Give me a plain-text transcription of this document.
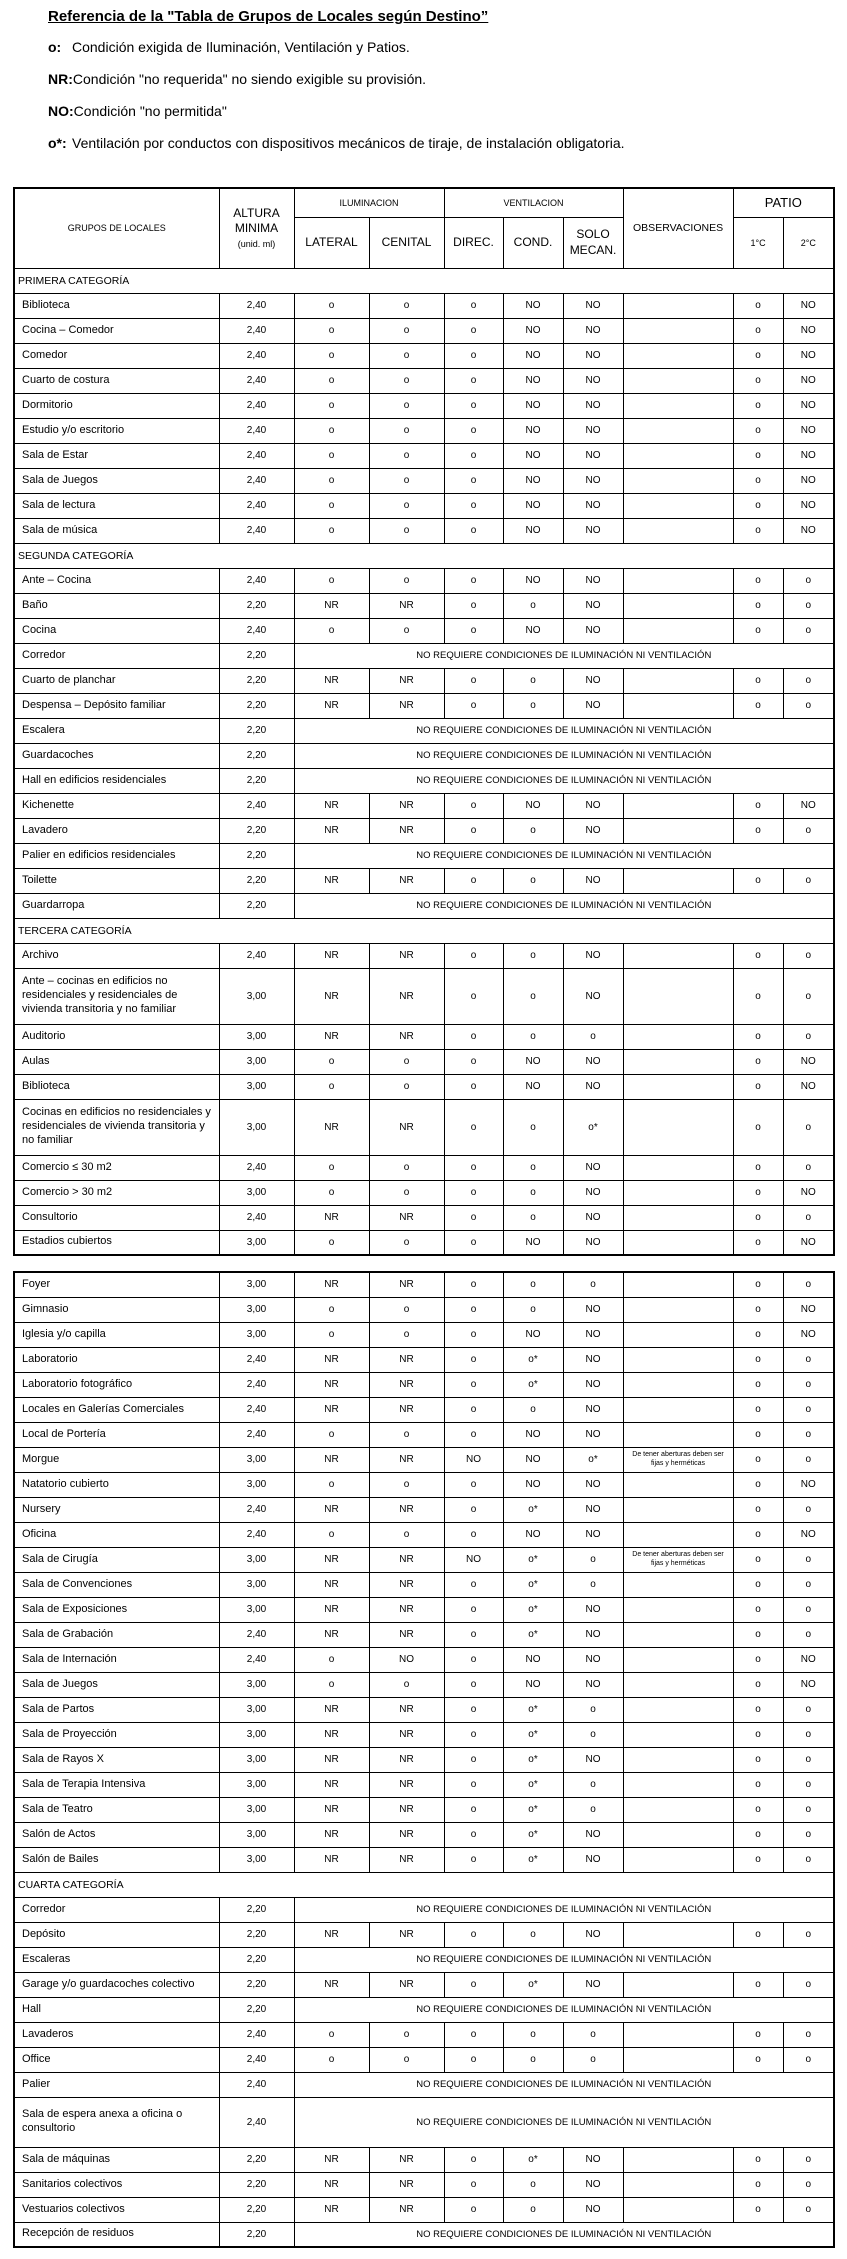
Referencia de la "Tabla de Grupos de Locales según Destino”

o: Condición exigida de Iluminación, Ventilación y Patios.
NR:Condición "no requerida" no siendo exigible su provisión.
NO:Condición "no permitida"
o*: Ventilación por conductos con dispositivos mecánicos de tiraje, de instalación obligatoria.
GRUPOS DE LOCALES	ALTURA
MINIMA
(unid. ml)	ILUMINACION		VENTILACION			OBSERVACIONES	PATIO	
		LATERAL	CENITAL	DIREC.	COND.	SOLO
MECAN.		1°C	2°C
PRIMERA CATEGORÍA									
Biblioteca	2,40	o	o	o	NO	NO		o	NO
Cocina – Comedor	2,40	o	o	o	NO	NO		o	NO
Comedor	2,40	o	o	o	NO	NO		o	NO
Cuarto de costura	2,40	o	o	o	NO	NO		o	NO
Dormitorio	2,40	o	o	o	NO	NO		o	NO
Estudio y/o escritorio	2,40	o	o	o	NO	NO		o	NO
Sala de Estar	2,40	o	o	o	NO	NO		o	NO
Sala de Juegos	2,40	o	o	o	NO	NO		o	NO
Sala de lectura	2,40	o	o	o	NO	NO		o	NO
Sala de música	2,40	o	o	o	NO	NO		o	NO
SEGUNDA CATEGORÍA									
Ante – Cocina	2,40	o	o	o	NO	NO		o	o
Baño	2,20	NR	NR	o	o	NO		o	o
Cocina	2,40	o	o	o	NO	NO		o	o
Corredor	2,20	NO REQUIERE CONDICIONES DE ILUMINACIÓN NI VENTILACIÓN							
Cuarto de planchar	2,20	NR	NR	o	o	NO		o	o
Despensa – Depósito familiar	2,20	NR	NR	o	o	NO		o	o
Escalera	2,20	NO REQUIERE CONDICIONES DE ILUMINACIÓN NI VENTILACIÓN							
Guardacoches	2,20	NO REQUIERE CONDICIONES DE ILUMINACIÓN NI VENTILACIÓN							
Hall en edificios residenciales	2,20	NO REQUIERE CONDICIONES DE ILUMINACIÓN NI VENTILACIÓN							
Kichenette	2,40	NR	NR	o	NO	NO		o	NO
Lavadero	2,20	NR	NR	o	o	NO		o	o
Palier en edificios residenciales	2,20	NO REQUIERE CONDICIONES DE ILUMINACIÓN NI VENTILACIÓN							
Toilette	2,20	NR	NR	o	o	NO		o	o
Guardarropa	2,20	NO REQUIERE CONDICIONES DE ILUMINACIÓN NI VENTILACIÓN							
TERCERA CATEGORÍA									
Archivo	2,40	NR	NR	o	o	NO		o	o
Ante – cocinas en edificios no residenciales y residenciales de vivienda transitoria y no familiar	3,00	NR	NR	o	o	NO		o	o
Auditorio	3,00	NR	NR	o	o	o		o	o
Aulas	3,00	o	o	o	NO	NO		o	NO
Biblioteca	3,00	o	o	o	NO	NO		o	NO
Cocinas en edificios no residenciales y residenciales de vivienda transitoria y no familiar	3,00	NR	NR	o	o	o*		o	o
Comercio ≤ 30 m2	2,40	o	o	o	o	NO		o	o
Comercio > 30 m2	3,00	o	o	o	o	NO		o	NO
Consultorio	2,40	NR	NR	o	o	NO		o	o
Estadios cubiertos	3,00	o	o	o	NO	NO		o	NO
Foyer	3,00	NR	NR	o	o	o		o	o
Gimnasio	3,00	o	o	o	o	NO		o	NO
Iglesia y/o capilla	3,00	o	o	o	NO	NO		o	NO
Laboratorio	2,40	NR	NR	o	o*	NO		o	o
Laboratorio fotográfico	2,40	NR	NR	o	o*	NO		o	o
Locales en Galerías Comerciales	2,40	NR	NR	o	o	NO		o	o
Local de Portería	2,40	o	o	o	NO	NO		o	o
Morgue	3,00	NR	NR	NO	NO	o*	De tener aberturas deben ser fijas y herméticas	o	o
Natatorio cubierto	3,00	o	o	o	NO	NO		o	NO
Nursery	2,40	NR	NR	o	o*	NO		o	o
Oficina	2,40	o	o	o	NO	NO		o	NO
Sala de Cirugía	3,00	NR	NR	NO	o*	o	De tener aberturas deben ser fijas y herméticas	o	o
Sala de Convenciones	3,00	NR	NR	o	o*	o		o	o
Sala de Exposiciones	3,00	NR	NR	o	o*	NO		o	o
Sala de Grabación	2,40	NR	NR	o	o*	NO		o	o
Sala de Internación	2,40	o	NO	o	NO	NO		o	NO
Sala de Juegos	3,00	o	o	o	NO	NO		o	NO
Sala de Partos	3,00	NR	NR	o	o*	o		o	o
Sala de Proyección	3,00	NR	NR	o	o*	o		o	o
Sala de Rayos X	3,00	NR	NR	o	o*	NO		o	o
Sala de Terapia Intensiva	3,00	NR	NR	o	o*	o		o	o
Sala de Teatro	3,00	NR	NR	o	o*	o		o	o
Salón de Actos	3,00	NR	NR	o	o*	NO		o	o
Salón de Bailes	3,00	NR	NR	o	o*	NO		o	o
CUARTA CATEGORÍA									
Corredor	2,20	NO REQUIERE CONDICIONES DE ILUMINACIÓN NI VENTILACIÓN							
Depósito	2,20	NR	NR	o	o	NO		o	o
Escaleras	2,20	NO REQUIERE CONDICIONES DE ILUMINACIÓN NI VENTILACIÓN							
Garage y/o guardacoches colectivo	2,20	NR	NR	o	o*	NO		o	o
Hall	2,20	NO REQUIERE CONDICIONES DE ILUMINACIÓN NI VENTILACIÓN							
Lavaderos	2,40	o	o	o	o	o		o	o
Office	2,40	o	o	o	o	o		o	o
Palier	2,40	NO REQUIERE CONDICIONES DE ILUMINACIÓN NI VENTILACIÓN							
Sala de espera anexa a oficina o consultorio	2,40	NO REQUIERE CONDICIONES DE ILUMINACIÓN NI VENTILACIÓN							
Sala de máquinas	2,20	NR	NR	o	o*	NO		o	o
Sanitarios colectivos	2,20	NR	NR	o	o	NO		o	o
Vestuarios colectivos	2,20	NR	NR	o	o	NO		o	o
Recepción de residuos	2,20	NO REQUIERE CONDICIONES DE ILUMINACIÓN NI VENTILACIÓN							
